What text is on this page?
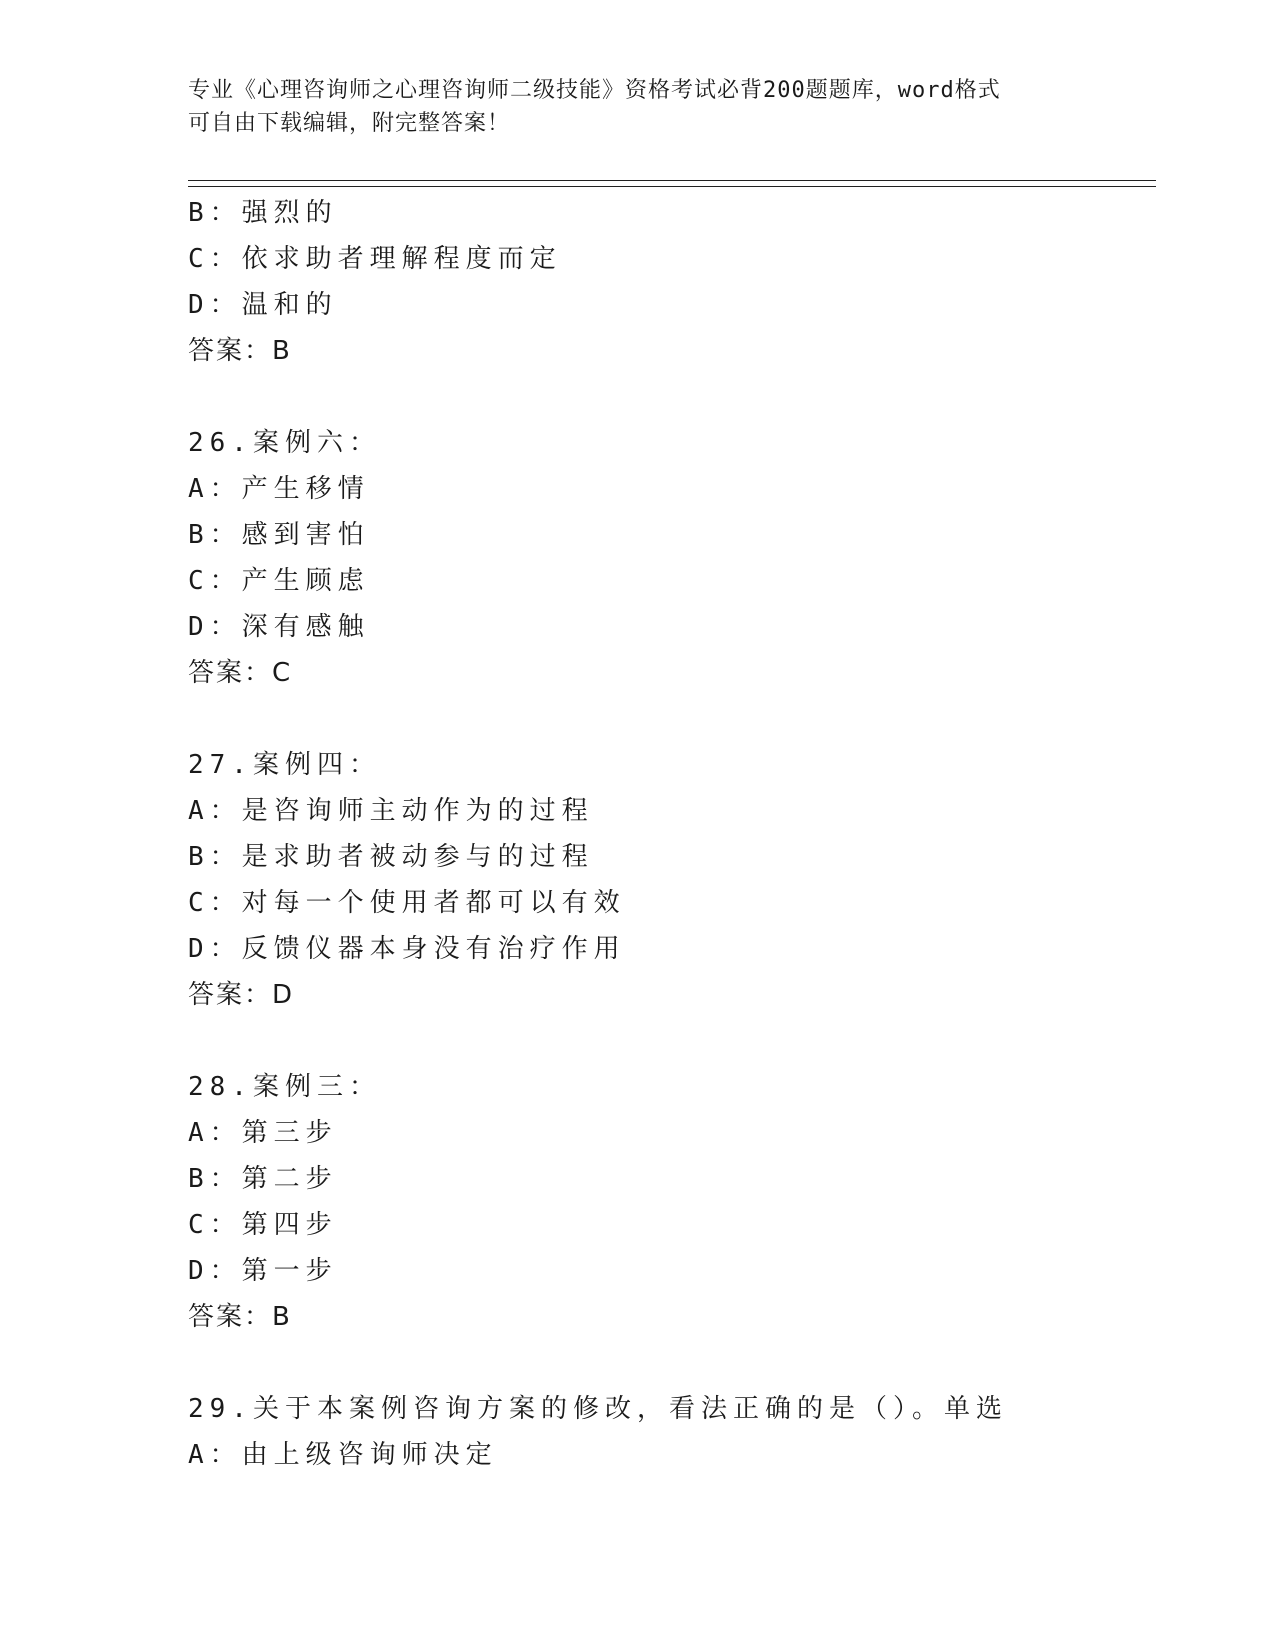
专业《心理咨询师之心理咨询师二级技能》资格考试必背200题题库，word格式
可自由下载编辑，附完整答案！
B：强烈的
C：依求助者理解程度而定
D：温和的
答案：B
26.案例六：
A：产生移情
B：感到害怕
C：产生顾虑
D：深有感触
答案：C
27.案例四：
A：是咨询师主动作为的过程
B：是求助者被动参与的过程
C：对每一个使用者都可以有效
D：反馈仪器本身没有治疗作用
答案：D
28.案例三：
A：第三步
B：第二步
C：第四步
D：第一步
答案：B
29.关于本案例咨询方案的修改，看法正确的是（）。单选
A：由上级咨询师决定
